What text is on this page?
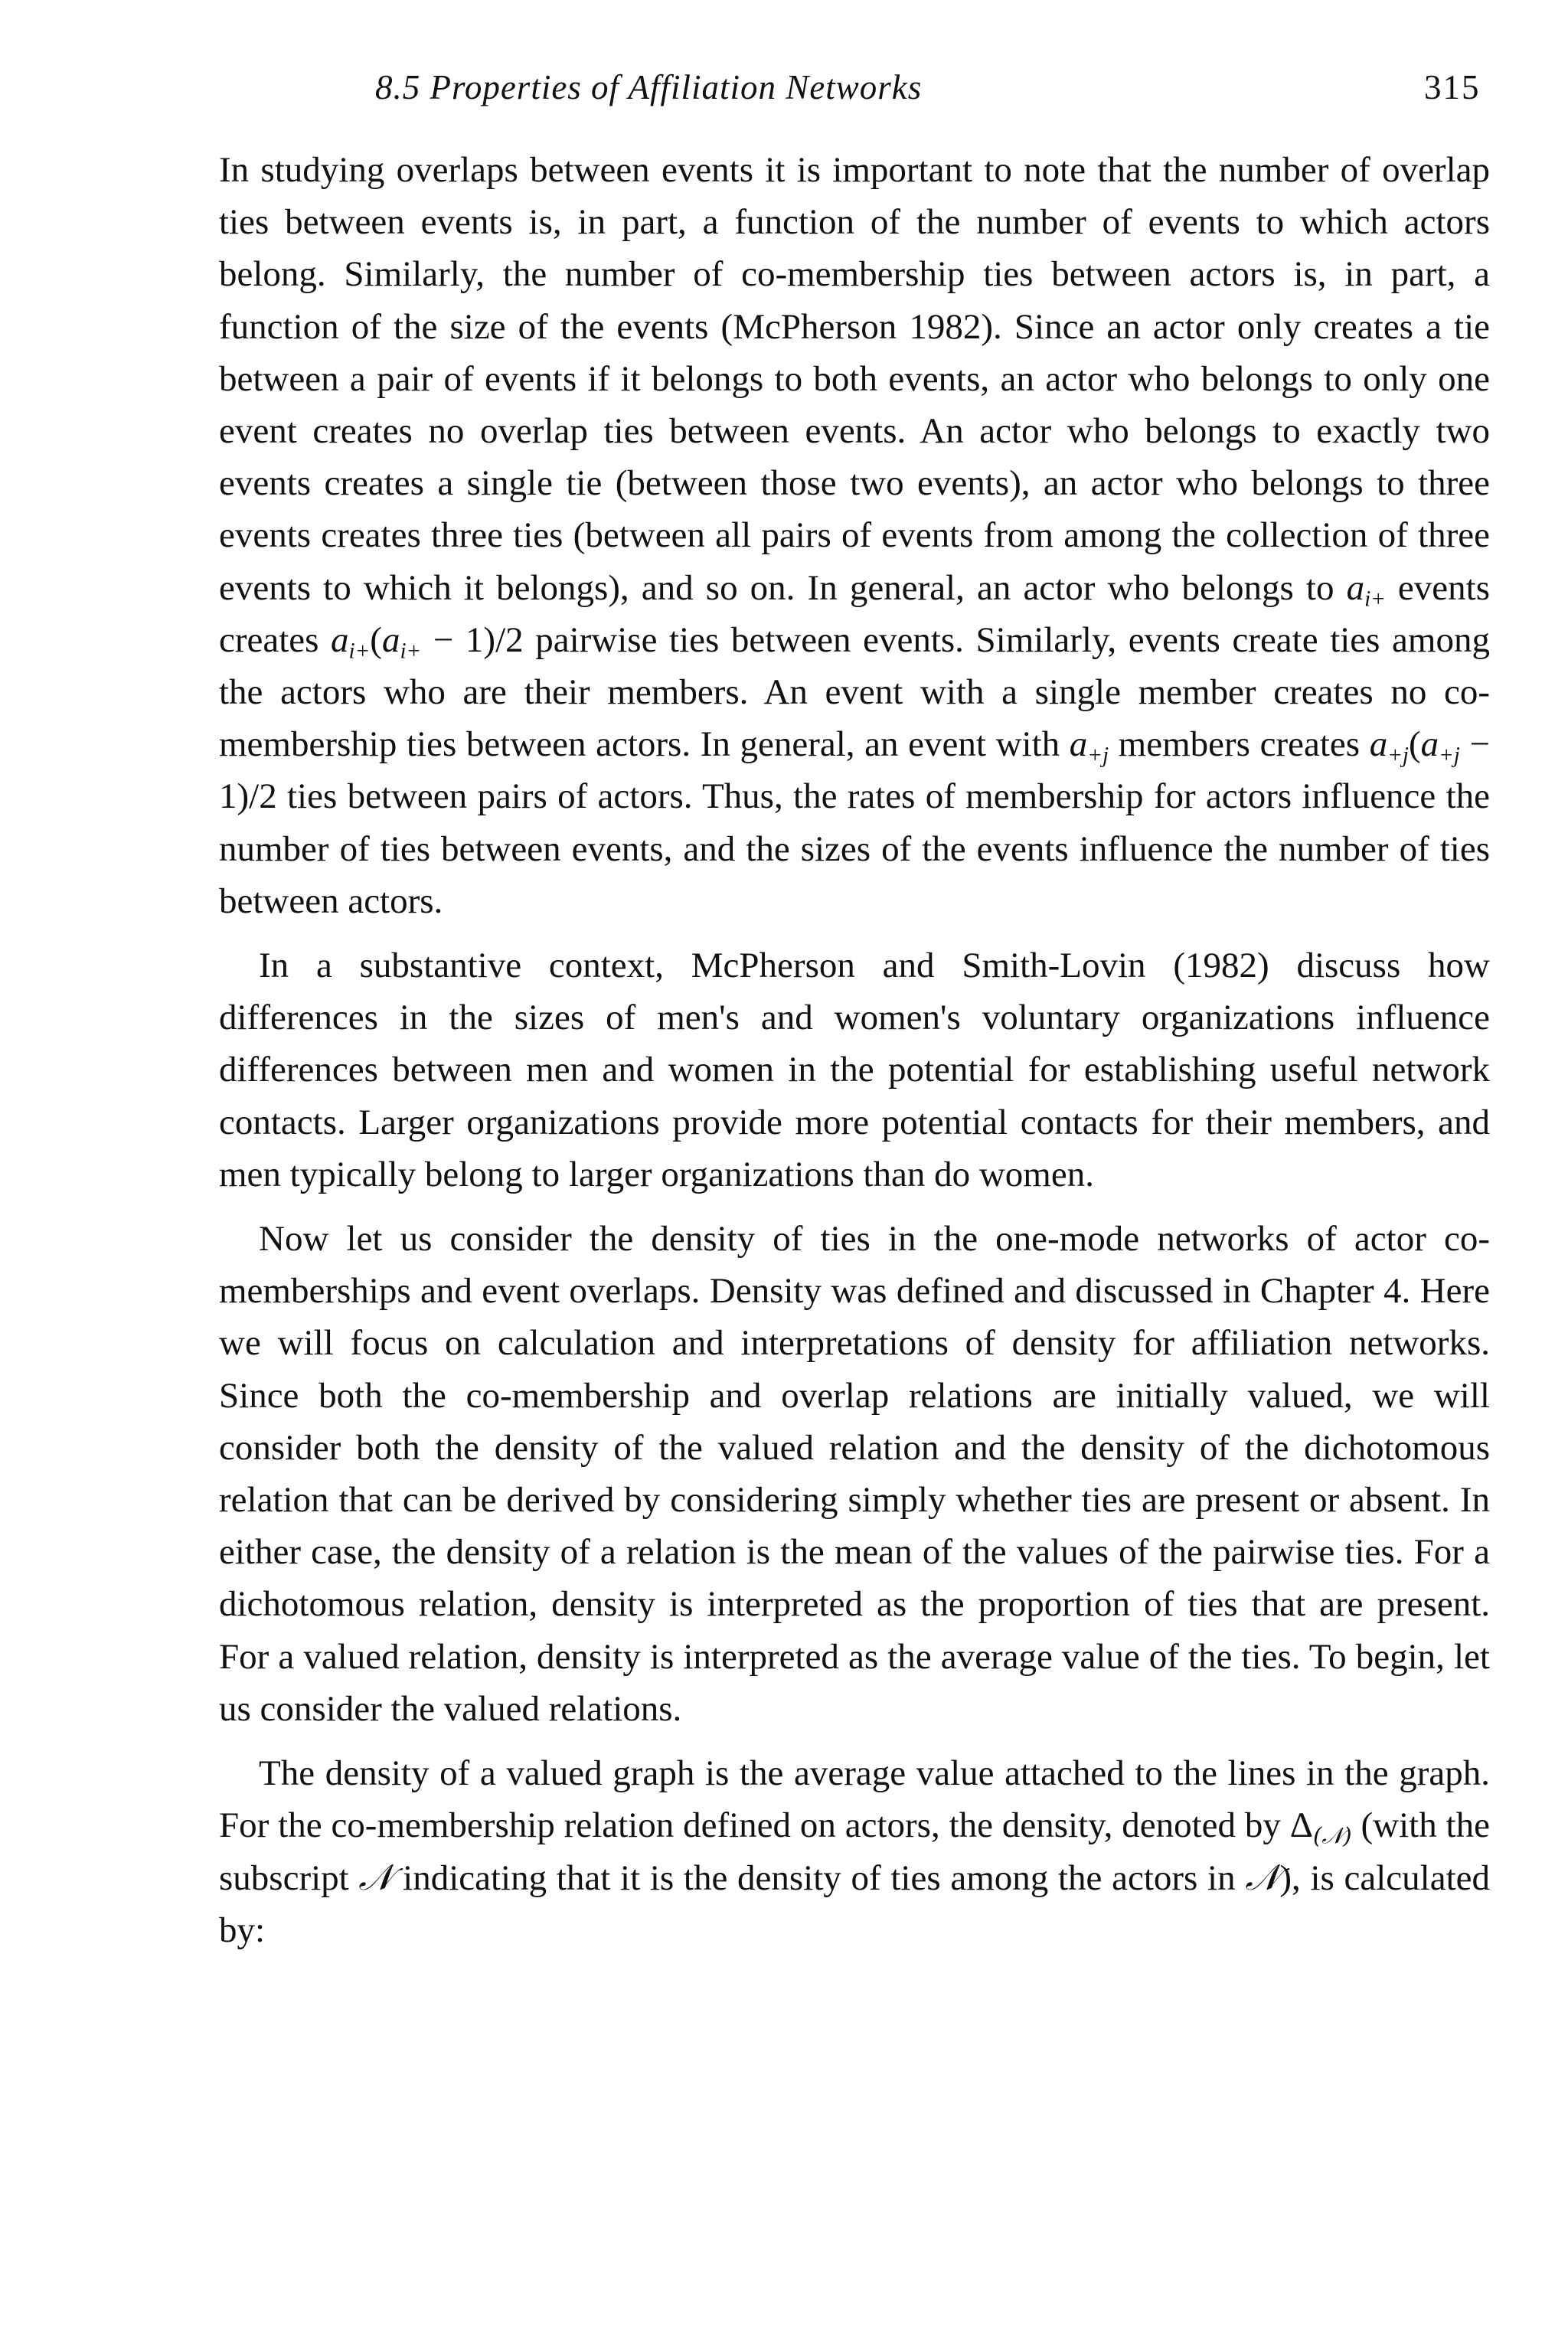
8.5 Properties of Affiliation Networks	315

In studying overlaps between events it is important to note that the number of overlap ties between events is, in part, a function of the number of events to which actors belong. Similarly, the number of co-membership ties between actors is, in part, a function of the size of the events (McPherson 1982). Since an actor only creates a tie between a pair of events if it belongs to both events, an actor who belongs to only one event creates no overlap ties between events. An actor who belongs to exactly two events creates a single tie (between those two events), an actor who belongs to three events creates three ties (between all pairs of events from among the collection of three events to which it belongs), and so on. In general, an actor who belongs to $a_{i+}$ events creates $a_{i+}(a_{i+} - 1)/2$ pairwise ties between events. Similarly, events create ties among the actors who are their members. An event with a single member creates no co-membership ties between actors. In general, an event with $a_{+j}$ members creates $a_{+j}(a_{+j} - 1)/2$ ties between pairs of actors. Thus, the rates of membership for actors influence the number of ties between events, and the sizes of the events influence the number of ties between actors.

In a substantive context, McPherson and Smith-Lovin (1982) discuss how differences in the sizes of men's and women's voluntary organizations influence differences between men and women in the potential for establishing useful network contacts. Larger organizations provide more potential contacts for their members, and men typically belong to larger organizations than do women.

Now let us consider the density of ties in the one-mode networks of actor co-memberships and event overlaps. Density was defined and discussed in Chapter 4. Here we will focus on calculation and interpretations of density for affiliation networks. Since both the co-membership and overlap relations are initially valued, we will consider both the density of the valued relation and the density of the dichotomous relation that can be derived by considering simply whether ties are present or absent. In either case, the density of a relation is the mean of the values of the pairwise ties. For a dichotomous relation, density is interpreted as the proportion of ties that are present. For a valued relation, density is interpreted as the average value of the ties. To begin, let us consider the valued relations.

The density of a valued graph is the average value attached to the lines in the graph. For the co-membership relation defined on actors, the density, denoted by $\Delta_{(𝒩)}$ (with the subscript 𝒩 indicating that it is the density of ties among the actors in 𝒩), is calculated by:
